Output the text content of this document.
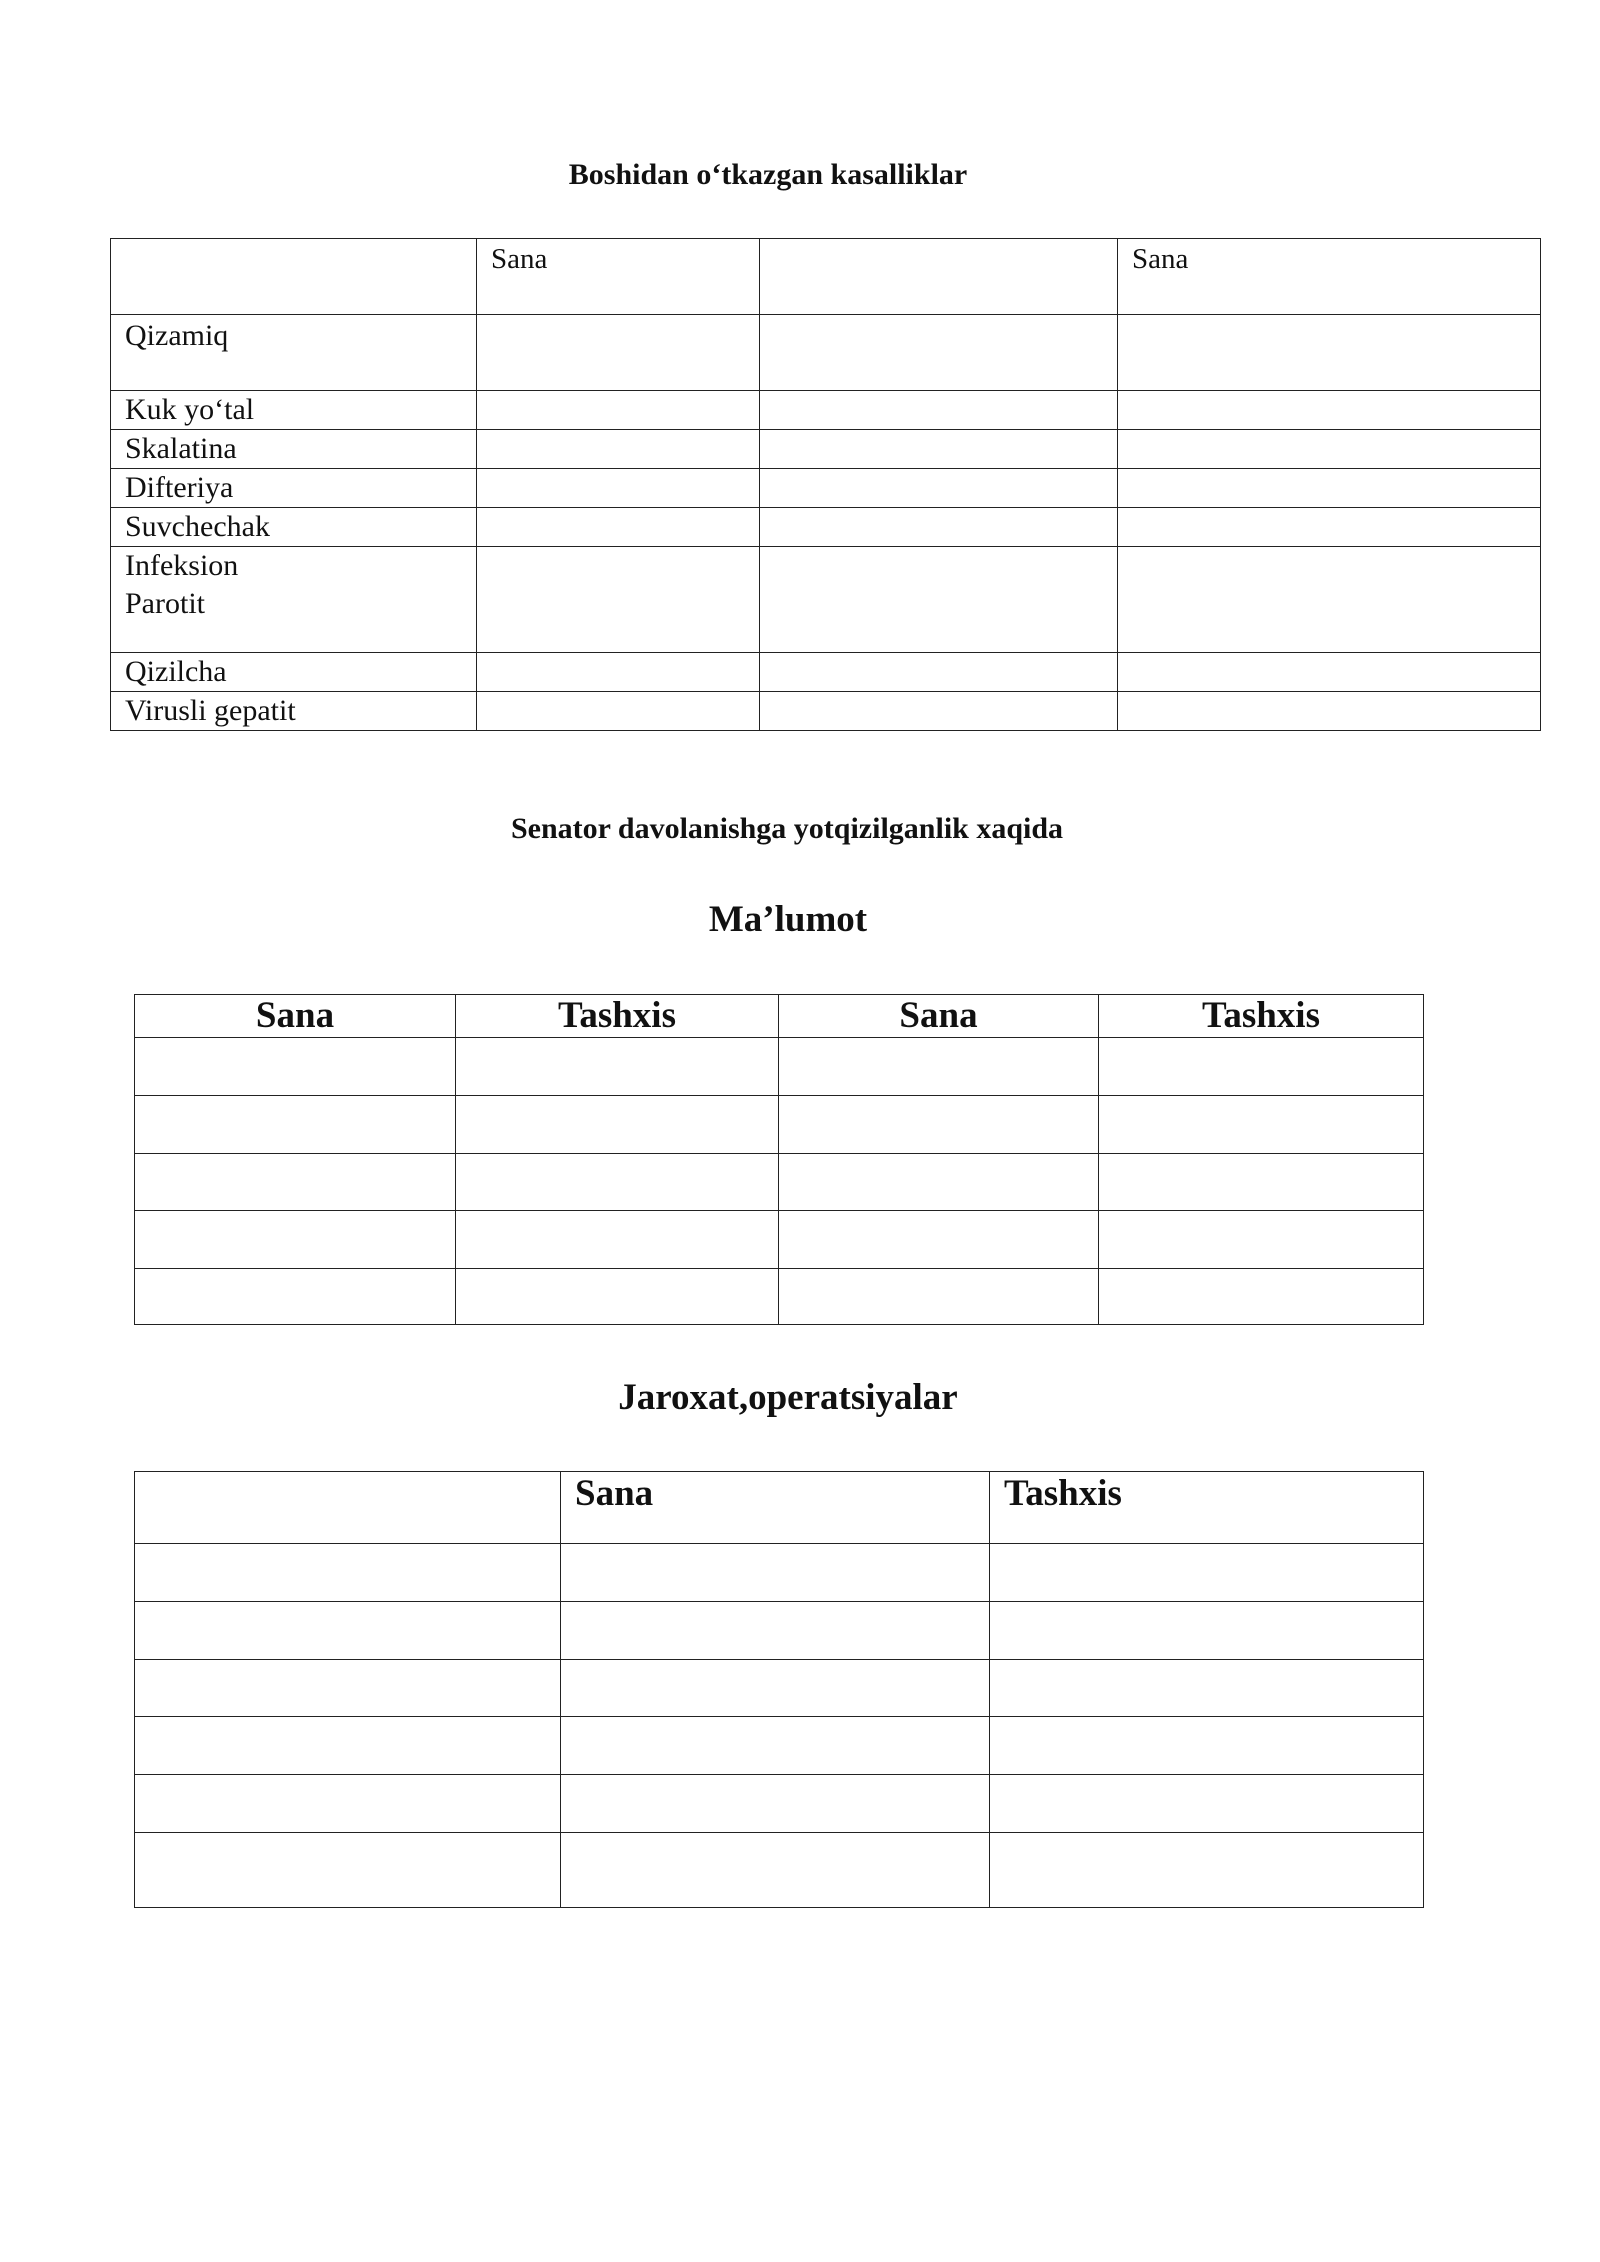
Boshidan o‘tkazgan kasalliklar
	Sana		Sana
Qizamiq			
Kuk yo‘tal			
Skalatina			
Difteriya			
Suvchechak			

Infeksion
Parotit			

Qizilcha			
Virusli gepatit			
Senator davolanishga yotqizilganlik xaqida
Ma’lumot
Sana	Tashxis	Sana	Tashxis

Jaroxat,operatsiyalar
	Sana	Tashxis
